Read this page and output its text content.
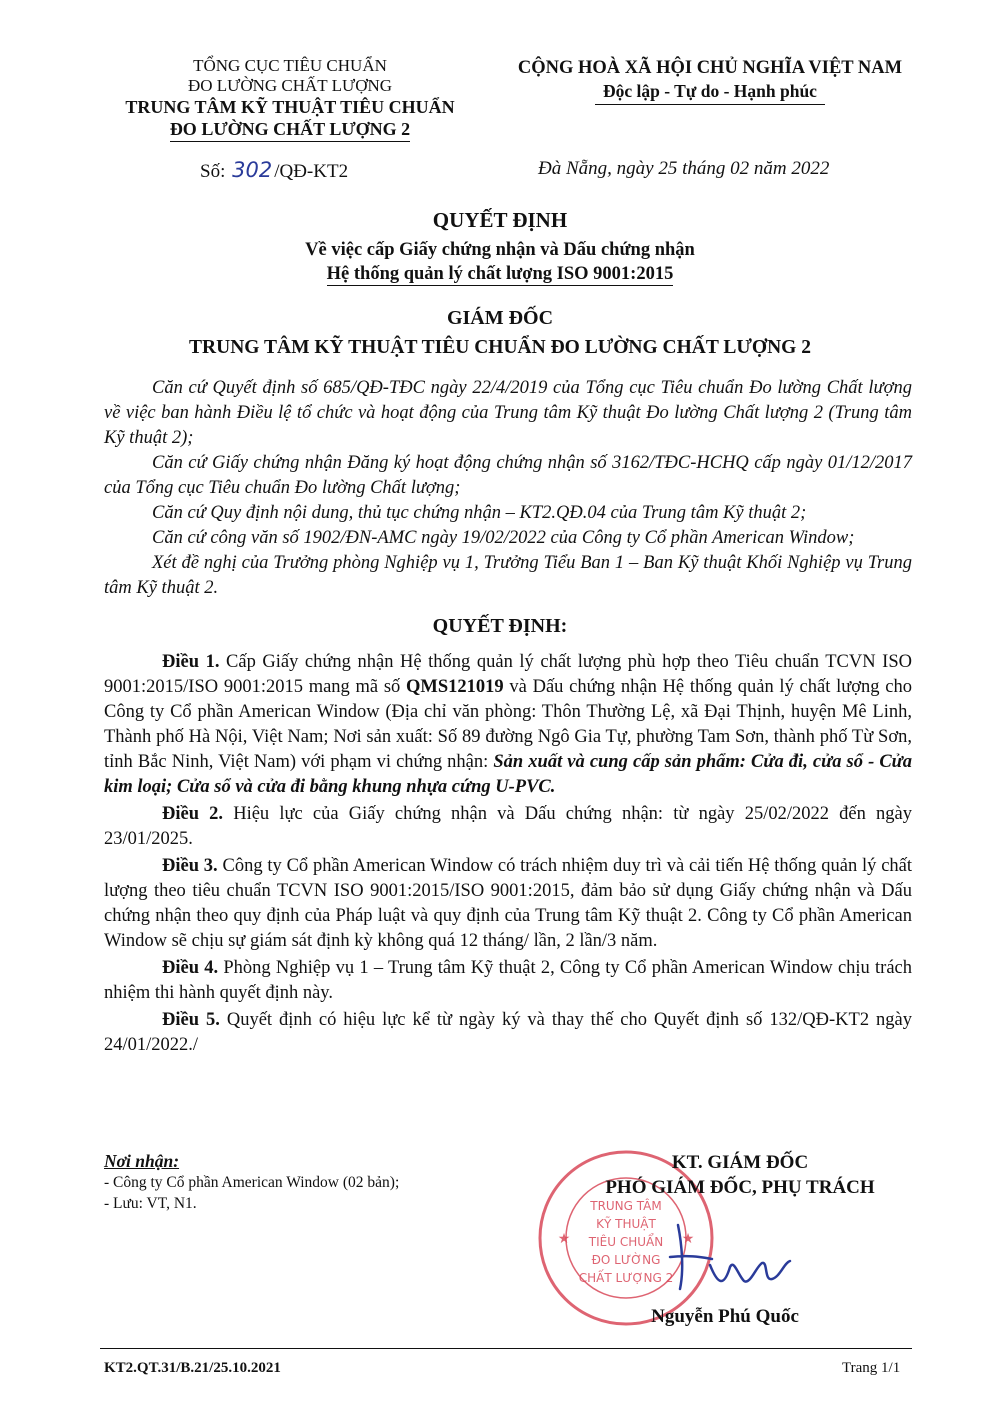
TỔNG CỤC TIÊU CHUẨN
ĐO LƯỜNG CHẤT LƯỢNG
TRUNG TÂM KỸ THUẬT TIÊU CHUẨN
ĐO LƯỜNG CHẤT LƯỢNG 2
CỘNG HOÀ XÃ HỘI CHỦ NGHĨA VIỆT NAM
Độc lập - Tự do - Hạnh phúc
Số: 302 /QĐ-KT2	Đà Nẵng, ngày 25 tháng 02 năm 2022
QUYẾT ĐỊNH
Về việc cấp Giấy chứng nhận và Dấu chứng nhận
Hệ thống quản lý chất lượng ISO 9001:2015
GIÁM ĐỐC
TRUNG TÂM KỸ THUẬT TIÊU CHUẨN ĐO LƯỜNG CHẤT LƯỢNG 2

Căn cứ Quyết định số 685/QĐ-TĐC ngày 22/4/2019 của Tổng cục Tiêu chuẩn Đo lường Chất lượng về việc ban hành Điều lệ tổ chức và hoạt động của Trung tâm Kỹ thuật Đo lường Chất lượng 2 (Trung tâm Kỹ thuật 2);

Căn cứ Giấy chứng nhận Đăng ký hoạt động chứng nhận số 3162/TĐC-HCHQ cấp ngày 01/12/2017 của Tổng cục Tiêu chuẩn Đo lường Chất lượng;

Căn cứ Quy định nội dung, thủ tục chứng nhận – KT2.QĐ.04 của Trung tâm Kỹ thuật 2;

Căn cứ công văn số 1902/ĐN-AMC ngày 19/02/2022 của Công ty Cổ phần American Window;

Xét đề nghị của Trưởng phòng Nghiệp vụ 1, Trưởng Tiểu Ban 1 – Ban Kỹ thuật Khối Nghiệp vụ Trung tâm Kỹ thuật 2.

QUYẾT ĐỊNH:

Điều 1. Cấp Giấy chứng nhận Hệ thống quản lý chất lượng phù hợp theo Tiêu chuẩn TCVN ISO 9001:2015/ISO 9001:2015 mang mã số QMS121019 và Dấu chứng nhận Hệ thống quản lý chất lượng cho Công ty Cổ phần American Window (Địa chỉ văn phòng: Thôn Thường Lệ, xã Đại Thịnh, huyện Mê Linh, Thành phố Hà Nội, Việt Nam; Nơi sản xuất: Số 89 đường Ngô Gia Tự, phường Tam Sơn, thành phố Từ Sơn, tỉnh Bắc Ninh, Việt Nam) với phạm vi chứng nhận: Sản xuất và cung cấp sản phẩm: Cửa đi, cửa sổ - Cửa kim loại; Cửa sổ và cửa đi bằng khung nhựa cứng U-PVC.

Điều 2. Hiệu lực của Giấy chứng nhận và Dấu chứng nhận: từ ngày 25/02/2022 đến ngày 23/01/2025.

Điều 3. Công ty Cổ phần American Window có trách nhiệm duy trì và cải tiến Hệ thống quản lý chất lượng theo tiêu chuẩn TCVN ISO 9001:2015/ISO 9001:2015, đảm bảo sử dụng Giấy chứng nhận và Dấu chứng nhận theo quy định của Pháp luật và quy định của Trung tâm Kỹ thuật 2. Công ty Cổ phần American Window sẽ chịu sự giám sát định kỳ không quá 12 tháng/ lần, 2 lần/3 năm.

Điều 4. Phòng Nghiệp vụ 1 – Trung tâm Kỹ thuật 2, Công ty Cổ phần American Window chịu trách nhiệm thi hành quyết định này.

Điều 5. Quyết định có hiệu lực kể từ ngày ký và thay thế cho Quyết định số 132/QĐ-KT2 ngày 24/01/2022./

Nơi nhận:
- Công ty Cổ phần American Window (02 bản);
- Lưu: VT, N1.	TRUNG TÂM
KỸ THUẬT
TIÊU CHUẨN
ĐO LƯỜNG
CHẤT LƯỢNG 2
★	★
KT. GIÁM ĐỐC
PHÓ GIÁM ĐỐC, PHỤ TRÁCH
Nguyễn Phú Quốc
KT2.QT.31/B.21/25.10.2021	Trang 1/1
